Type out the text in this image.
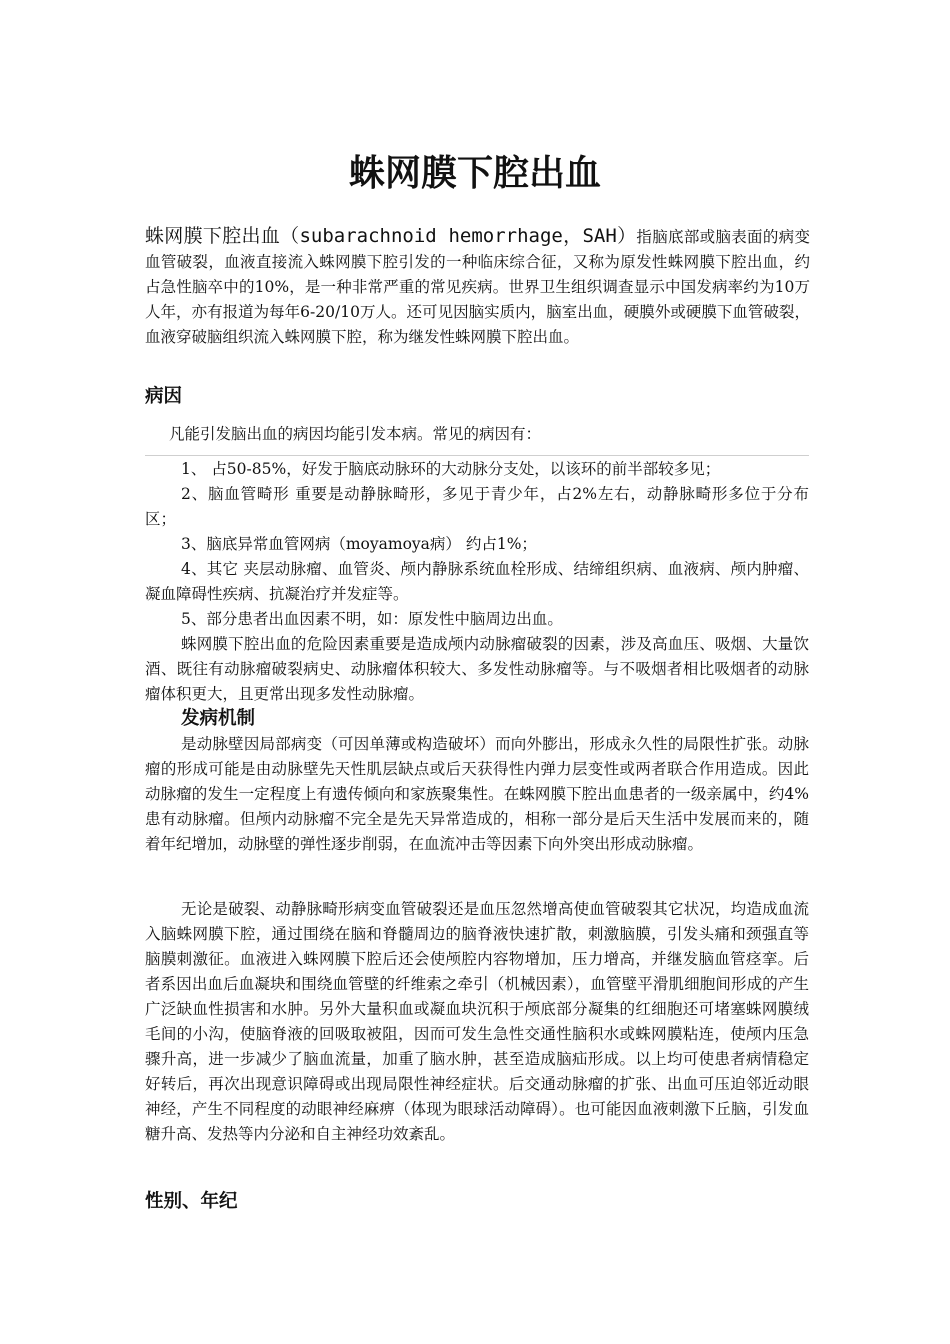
蛛网膜下腔出血

蛛网膜下腔出血（subarachnoid hemorrhage，SAH）指脑底部或脑表面的病变血管破裂，血液直接流入蛛网膜下腔引发的一种临床综合征，又称为原发性蛛网膜下腔出血，约占急性脑卒中的10%，是一种非常严重的常见疾病。世界卫生组织调查显示中国发病率约为10万人年，亦有报道为每年6-20/10万人。还可见因脑实质内，脑室出血，硬膜外或硬膜下血管破裂，血液穿破脑组织流入蛛网膜下腔，称为继发性蛛网膜下腔出血。

病因

凡能引发脑出血的病因均能引发本病。常见的病因有：

1、 占50-85%，好发于脑底动脉环的大动脉分支处，以该环的前半部较多见；

2、脑血管畸形 重要是动静脉畸形，多见于青少年，占2%左右，动静脉畸形多位于分布区；

3、脑底异常血管网病（moyamoya病） 约占1%；

4、其它 夹层动脉瘤、血管炎、颅内静脉系统血栓形成、结缔组织病、血液病、颅内肿瘤、凝血障碍性疾病、抗凝治疗并发症等。

5、部分患者出血因素不明，如：原发性中脑周边出血。

蛛网膜下腔出血的危险因素重要是造成颅内动脉瘤破裂的因素，涉及高血压、吸烟、大量饮酒、既往有动脉瘤破裂病史、动脉瘤体积较大、多发性动脉瘤等。与不吸烟者相比吸烟者的动脉瘤体积更大，且更常出现多发性动脉瘤。

发病机制

是动脉壁因局部病变（可因单薄或构造破坏）而向外膨出，形成永久性的局限性扩张。动脉瘤的形成可能是由动脉壁先天性肌层缺点或后天获得性内弹力层变性或两者联合作用造成。因此动脉瘤的发生一定程度上有遗传倾向和家族聚集性。在蛛网膜下腔出血患者的一级亲属中，约4%患有动脉瘤。但颅内动脉瘤不完全是先天异常造成的，相称一部分是后天生活中发展而来的，随着年纪增加，动脉壁的弹性逐步削弱，在血流冲击等因素下向外突出形成动脉瘤。

无论是破裂、动静脉畸形病变血管破裂还是血压忽然增高使血管破裂其它状况，均造成血流入脑蛛网膜下腔，通过围绕在脑和脊髓周边的脑脊液快速扩散，刺激脑膜，引发头痛和颈强直等脑膜刺激征。血液进入蛛网膜下腔后还会使颅腔内容物增加，压力增高，并继发脑血管痉挛。后者系因出血后血凝块和围绕血管壁的纤维索之牵引（机械因素），血管壁平滑肌细胞间形成的产生广泛缺血性损害和水肿。另外大量积血或凝血块沉积于颅底部分凝集的红细胞还可堵塞蛛网膜绒毛间的小沟，使脑脊液的回吸取被阻，因而可发生急性交通性脑积水或蛛网膜粘连，使颅内压急骤升高，进一步减少了脑血流量，加重了脑水肿，甚至造成脑疝形成。以上均可使患者病情稳定好转后，再次出现意识障碍或出现局限性神经症状。后交通动脉瘤的扩张、出血可压迫邻近动眼神经，产生不同程度的动眼神经麻痹（体现为眼球活动障碍）。也可能因血液刺激下丘脑，引发血糖升高、发热等内分泌和自主神经功效紊乱。

性别、年纪
